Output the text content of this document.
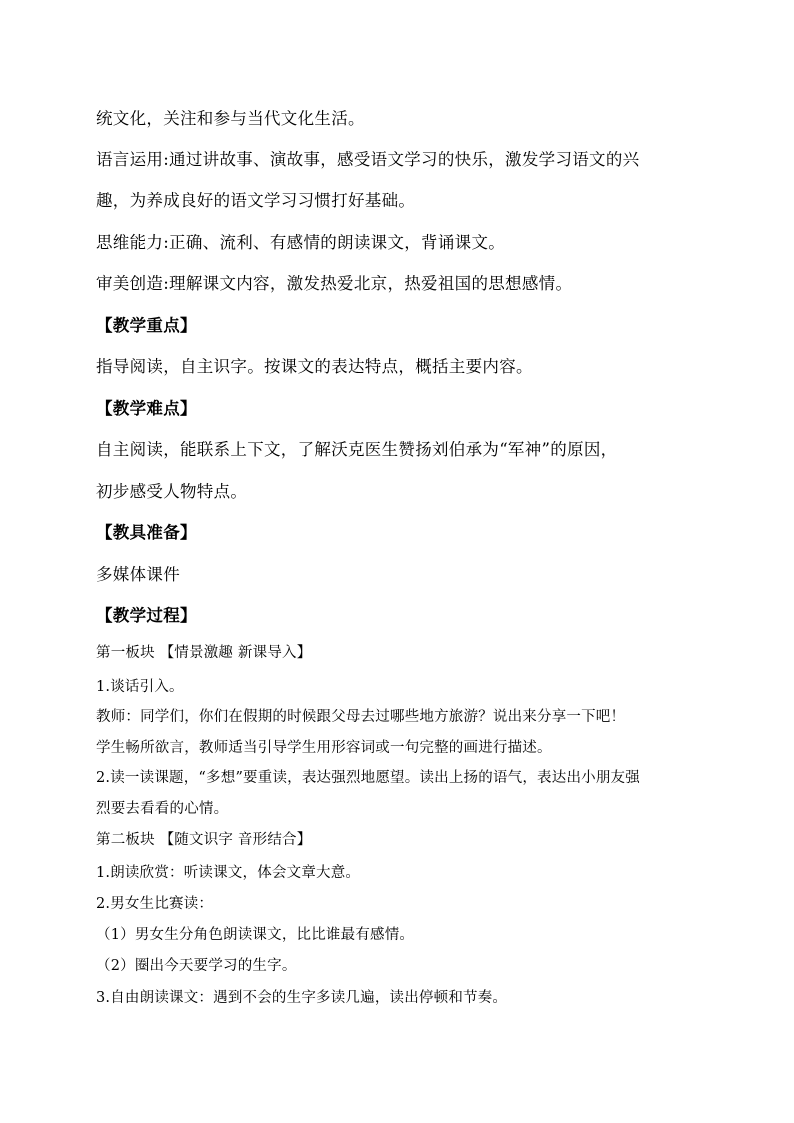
统文化，关注和参与当代文化生活。
语言运用:通过讲故事、演故事，感受语文学习的快乐，激发学习语文的兴
趣，为养成良好的语文学习习惯打好基础。
思维能力:正确、流利、有感情的朗读课文，背诵课文。
审美创造:理解课文内容，激发热爱北京，热爱祖国的思想感情。
【教学重点】
指导阅读，自主识字。按课文的表达特点，概括主要内容。
【教学难点】
自主阅读，能联系上下文，了解沃克医生赞扬刘伯承为“军神”的原因，
初步感受人物特点。
【教具准备】
多媒体课件
【教学过程】
第一板块 【情景激趣 新课导入】
1.谈话引入。
教师：同学们，你们在假期的时候跟父母去过哪些地方旅游？说出来分享一下吧！
学生畅所欲言，教师适当引导学生用形容词或一句完整的画进行描述。
2.读一读课题，“多想”要重读，表达强烈地愿望。读出上扬的语气，表达出小朋友强
烈要去看看的心情。
第二板块 【随文识字 音形结合】
1.朗读欣赏：听读课文，体会文章大意。
2.男女生比赛读：
（1）男女生分角色朗读课文，比比谁最有感情。
（2）圈出今天要学习的生字。
3.自由朗读课文：遇到不会的生字多读几遍，读出停顿和节奏。
